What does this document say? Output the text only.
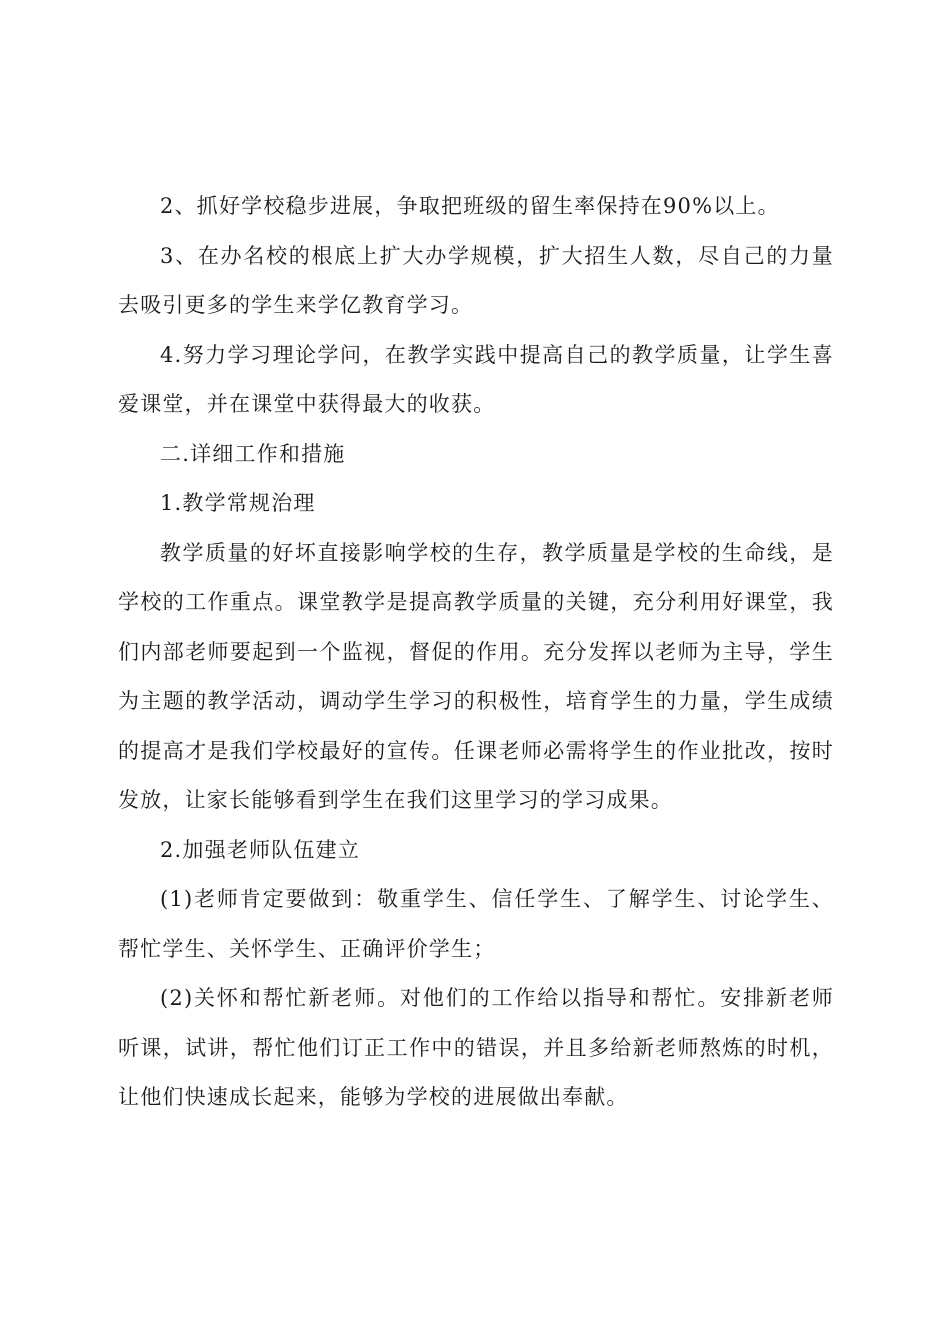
2、抓好学校稳步进展，争取把班级的留生率保持在90%以上。

3、在办名校的根底上扩大办学规模，扩大招生人数，尽自己的力量去吸引更多的学生来学亿教育学习。

4.努力学习理论学问，在教学实践中提高自己的教学质量，让学生喜爱课堂，并在课堂中获得最大的收获。

二.详细工作和措施

1.教学常规治理

教学质量的好坏直接影响学校的生存，教学质量是学校的生命线，是学校的工作重点。课堂教学是提高教学质量的关键，充分利用好课堂，我们内部老师要起到一个监视，督促的作用。充分发挥以老师为主导，学生为主题的教学活动，调动学生学习的积极性，培育学生的力量，学生成绩的提高才是我们学校最好的宣传。任课老师必需将学生的作业批改，按时发放，让家长能够看到学生在我们这里学习的学习成果。

2.加强老师队伍建立

(1)老师肯定要做到：敬重学生、信任学生、了解学生、讨论学生、帮忙学生、关怀学生、正确评价学生；

(2)关怀和帮忙新老师。对他们的工作给以指导和帮忙。安排新老师听课，试讲，帮忙他们订正工作中的错误，并且多给新老师熬炼的时机，让他们快速成长起来，能够为学校的进展做出奉献。
